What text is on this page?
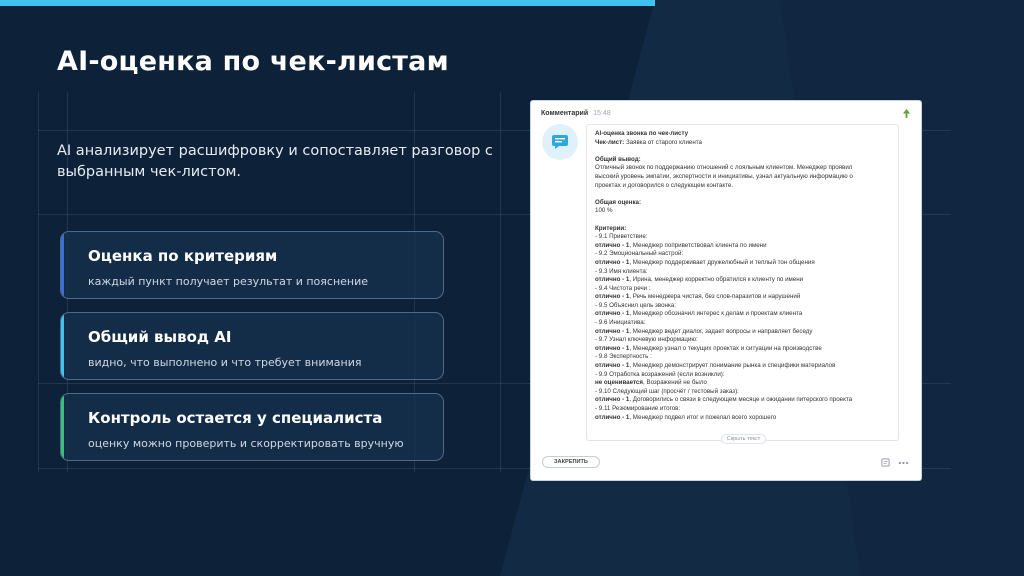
AI-оценка по чек-листам

AI анализирует расшифровку и сопоставляет разговор с выбранным чек-листом.

Оценка по критериям
каждый пункт получает результат и пояснение
Общий вывод AI
видно, что выполнено и что требует внимания
Контроль остается у специалиста
оценку можно проверить и скорректировать вручную
Комментарий 15:48
AI-оценка звонка по чек-листу
Чек-лист: Заявка от старого клиента
Общий вывод:
Отличный звонок по поддержанию отношений с лояльным клиентом. Менеджер проявил
высокий уровень эмпатии, экспертности и инициативы, узнал актуальную информацию о
проектах и договорился о следующем контакте.
Общая оценка:
100 %
Критерии:
- 9.1 Приветствие:
отлично - 1, Менеджер поприветствовал клиента по имени
- 9.2 Эмоциональный настрой:
отлично - 1, Менеджер поддерживает дружелюбный и теплый тон общения
- 9.3 Имя клиента:
отлично - 1, Ирина, менеджер корректно обратился к клиенту по имени
- 9.4 Чистота речи :
отлично - 1, Речь менеджера чистая, без слов-паразитов и нарушений
- 9.5 Объяснил цель звонка:
отлично - 1, Менеджер обозначил интерес к делам и проектам клиента
- 9.6 Инициатива:
отлично - 1, Менеджер ведет диалог, задает вопросы и направляет беседу
- 9.7 Узнал ключевую информацию:
отлично - 1, Менеджер узнал о текущих проектах и ситуации на производстве
- 9.8 Экспертность :
отлично - 1, Менеджер демонстрирует понимание рынка и специфики материалов
- 9.9 Отработка возражений (если возникли):
не оценивается, Возражений не было
- 9.10 Следующий шаг (просчёт / тестовый заказ):
отлично - 1, Договорились о связи в следующем месяце и ожидании питерского проекта
- 9.11 Резюмирование итогов:
отлично - 1, Менеджер подвел итог и пожелал всего хорошего
Скрыть текст
ЗАКРЕПИТЬ
